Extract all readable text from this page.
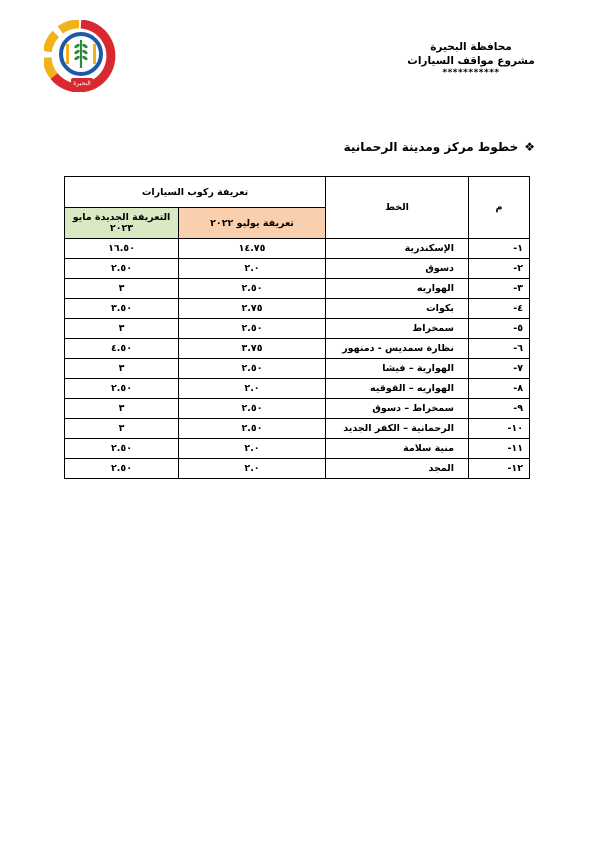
البحيرة
محافظة البحيرة
مشروع مواقف السيارات
***********
❖
خطوط مركز ومدينة الرحمانية
م	الخط	تعريفة ركوب السيارات	
		تعريفة يوليو ٢٠٢٢	التعريفة الجديدة مايو ٢٠٢٣
١-	الإسكندرية	١٤.٧٥	١٦.٥٠
٢-	دسوق	٢.٠	٢.٥٠
٣-	الهواريه	٢.٥٠	٣
٤-	بكوات	٢.٧٥	٣.٥٠
٥-	سمخراط	٢.٥٠	٣
٦-	نظارة سمديس - دمنهور	٣.٧٥	٤.٥٠
٧-	الهوارية – فيشا	٢.٥٠	٣
٨-	الهواريه – القوقيه	٢.٠	٢.٥٠
٩-	سمخراط – دسوق	٢.٥٠	٣
١٠-	الرحمانية – الكفر الجديد	٢.٥٠	٣
١١-	منية سلامة	٢.٠	٢.٥٠
١٢-	المجد	٢.٠	٢.٥٠
